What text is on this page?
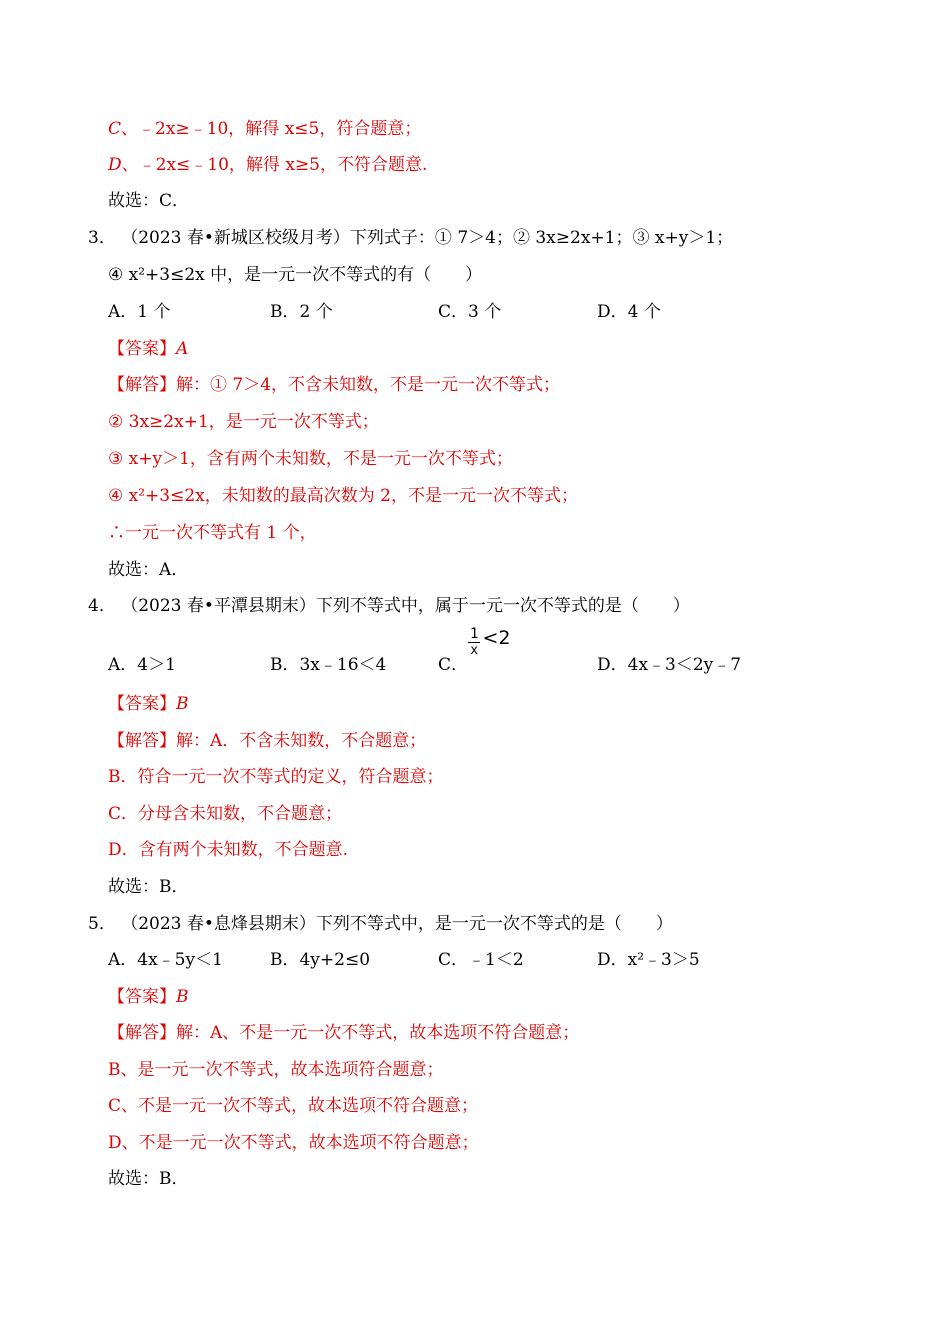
C、﹣2x≥﹣10，解得 x≤5，符合题意；
D、﹣2x≤﹣10，解得 x≥5，不符合题意.
故选：C．
3． （2023 春•新城区校级月考）下列式子：① 7＞4；② 3x≥2x+1；③ x+y＞1；
④ x²+3≤2x 中，是一元一次不等式的有（　　）
A．1 个	B．2 个	C．3 个	D．4 个
【答案】A
【解答】解：① 7＞4，不含未知数，不是一元一次不等式；
② 3x≥2x+1，是一元一次不等式；
③ x+y＞1，含有两个未知数，不是一元一次不等式；
④ x²+3≤2x，未知数的最高次数为 2，不是一元一次不等式；
∴一元一次不等式有 1 个，
故选：A．
4． （2023 春•平潭县期末）下列不等式中，属于一元一次不等式的是（　　）
A．4＞1	B．3x﹣16＜4	C．
$\frac{1}{x} <2$
D．4x﹣3＜2y﹣7
【答案】B
【解答】解：A．不含未知数，不合题意；
B．符合一元一次不等式的定义，符合题意；
C．分母含未知数，不合题意；
D．含有两个未知数，不合题意.
故选：B．
5． （2023 春•息烽县期末）下列不等式中，是一元一次不等式的是（　　）
A．4x﹣5y＜1	B．4y+2≤0	C．﹣1＜2	D．x²﹣3＞5
【答案】B
【解答】解：A、不是一元一次不等式，故本选项不符合题意；
B、是一元一次不等式，故本选项符合题意；
C、不是一元一次不等式，故本选项不符合题意；
D、不是一元一次不等式，故本选项不符合题意；
故选：B．
